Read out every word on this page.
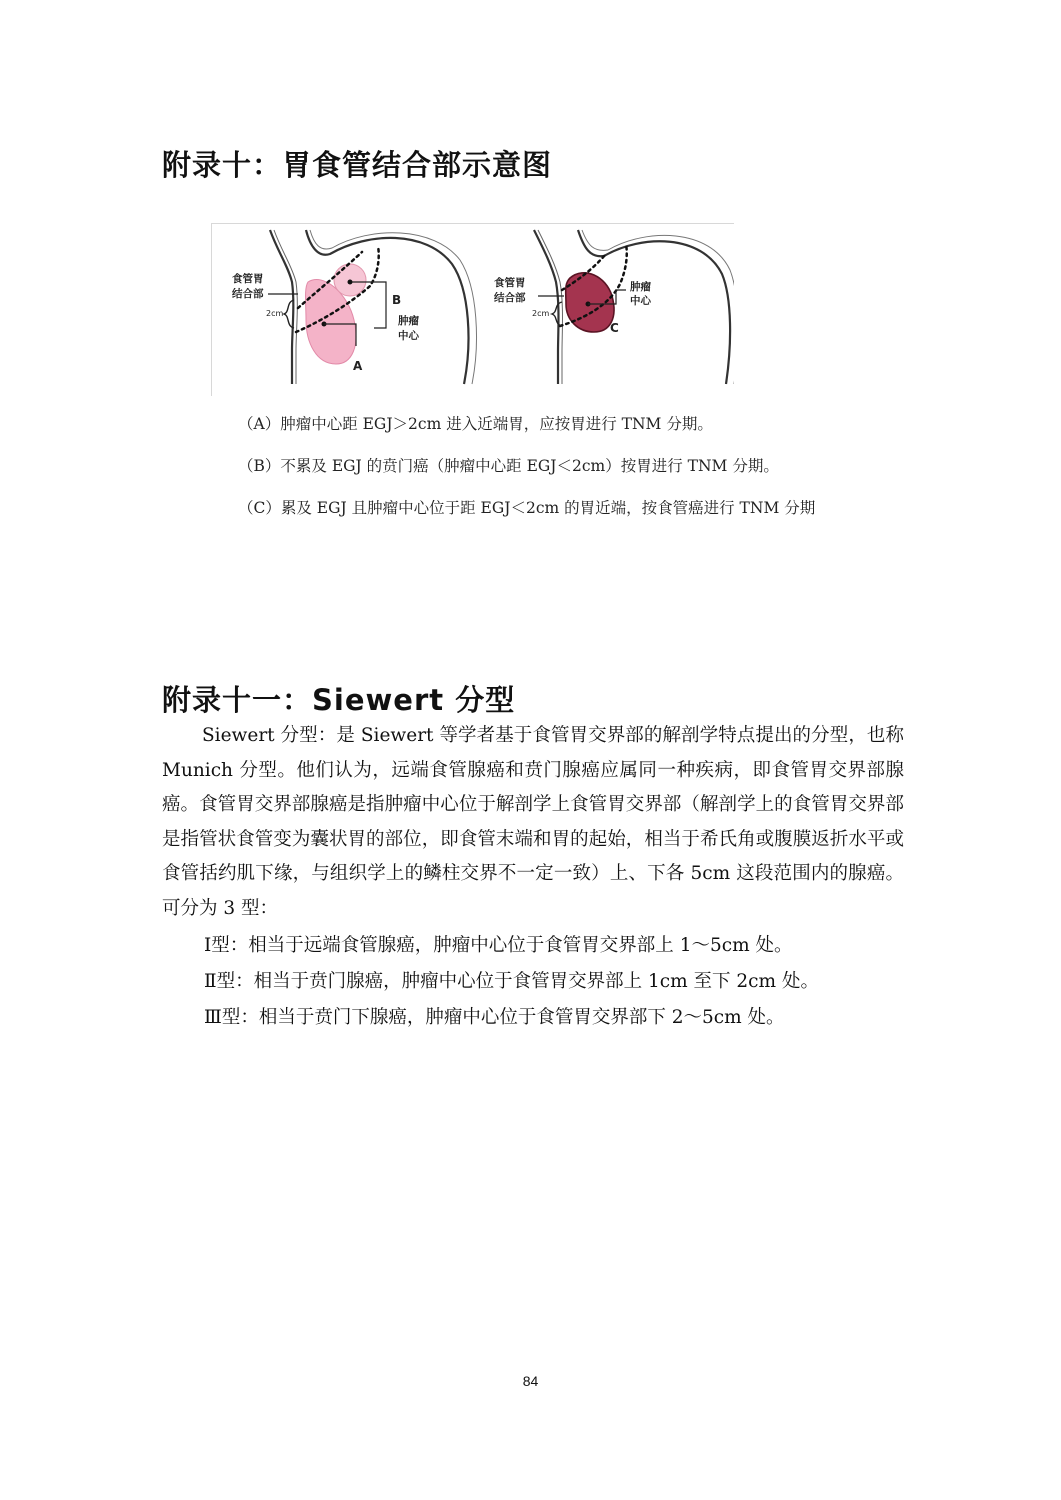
附录十：胃食管结合部示意图
食管胃
结合部
2cm
肿瘤
中心
A
B
食管胃
结合部
2cm
肿瘤
中心
C

（A）肿瘤中心距 EGJ＞2cm 进入近端胃，应按胃进行 TNM 分期。

（B）不累及 EGJ 的贲门癌（肿瘤中心距 EGJ＜2cm）按胃进行 TNM 分期。

（C）累及 EGJ 且肿瘤中心位于距 EGJ＜2cm 的胃近端，按食管癌进行 TNM 分期

附录十一：Siewert 分型

Siewert 分型：是 Siewert 等学者基于食管胃交界部的解剖学特点提出的分型，也称 Munich 分型。他们认为，远端食管腺癌和贲门腺癌应属同一种疾病，即食管胃交界部腺癌。食管胃交界部腺癌是指肿瘤中心位于解剖学上食管胃交界部（解剖学上的食管胃交界部是指管状食管变为囊状胃的部位，即食管末端和胃的起始，相当于希氏角或腹膜返折水平或食管括约肌下缘，与组织学上的鳞柱交界不一定一致）上、下各 5cm 这段范围内的腺癌。可分为 3 型：

Ⅰ型：相当于远端食管腺癌，肿瘤中心位于食管胃交界部上 1～5cm 处。

Ⅱ型：相当于贲门腺癌，肿瘤中心位于食管胃交界部上 1cm 至下 2cm 处。

Ⅲ型：相当于贲门下腺癌，肿瘤中心位于食管胃交界部下 2～5cm 处。

84
